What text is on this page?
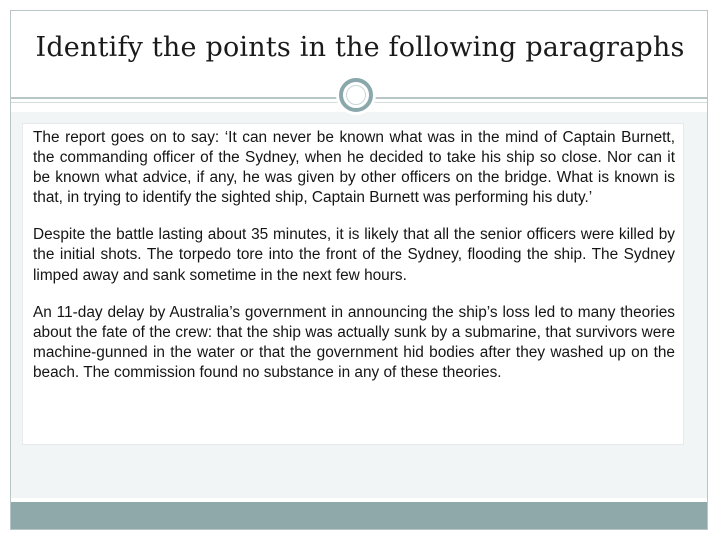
Identify the points in the following paragraphs

The report goes on to say: ‘It can never be known what was in the mind of Captain Burnett, the commanding officer of the Sydney, when he decided to take his ship so close. Nor can it be known what advice, if any, he was given by other officers on the bridge. What is known is that, in trying to identify the sighted ship, Captain Burnett was performing his duty.’

Despite the battle lasting about 35 minutes, it is likely that all the senior officers were killed by the initial shots. The torpedo tore into the front of the Sydney, flooding the ship. The Sydney limped away and sank sometime in the next few hours.

An 11-day delay by Australia’s government in announcing the ship’s loss led to many theories about the fate of the crew: that the ship was actually sunk by a submarine, that survivors were machine-gunned in the water or that the government hid bodies after they washed up on the beach. The commission found no substance in any of these theories.
